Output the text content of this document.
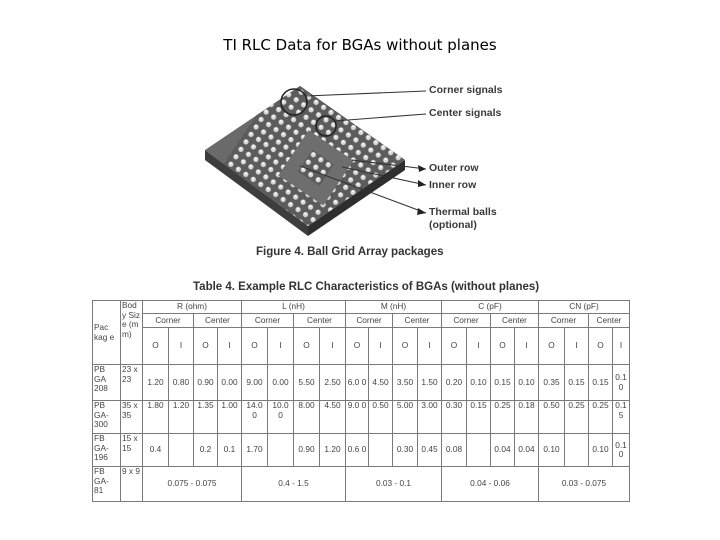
TI RLC Data for BGAs without planes
Corner signals
Center signals
Outer row
Inner row
Thermal balls
(optional)
Figure 4. Ball Grid Array packages
Table 4. Example RLC Characteristics of BGAs (without planes)
Pac kag e	Bod y Siz e (m m)	R (ohm)				L (nH)				M (nH)				C (pF)				CN (pF)			
		Corner		Center		Corner		Center		Corner		Center		Corner		Center		Corner		Center	
		O	I	O	I	O	I	O	I	O	I	O	I	O	I	O	I	O	I	O	I
PB GA 208	23 x 23	1.20	0.80	0.90	0.00	9.00	0.00	5.50	2.50	6.0 0	4.50	3.50	1.50	0.20	0.10	0.15	0.10	0.35	0.15	0.15	0.1 0
PB GA- 300	35 x 35	1.80	1.20	1.35	1.00	14.0 0	10.0 0	8.00	4.50	9.0 0	0.50	5.00	3.00	0.30	0.15	0.25	0.18	0.50	0.25	0.25	0.1 5
FB GA- 196	15 x 15	0.4		0.2	0.1	1.70		0.90	1.20	0.6 0		0.30	0.45	0.08		0.04	0.04	0.10		0.10	0.1 0
FB GA- 81	9 x 9	0.075 - 0.075				0.4 - 1.5				0.03 - 0.1				0.04 - 0.06				0.03 - 0.075			
